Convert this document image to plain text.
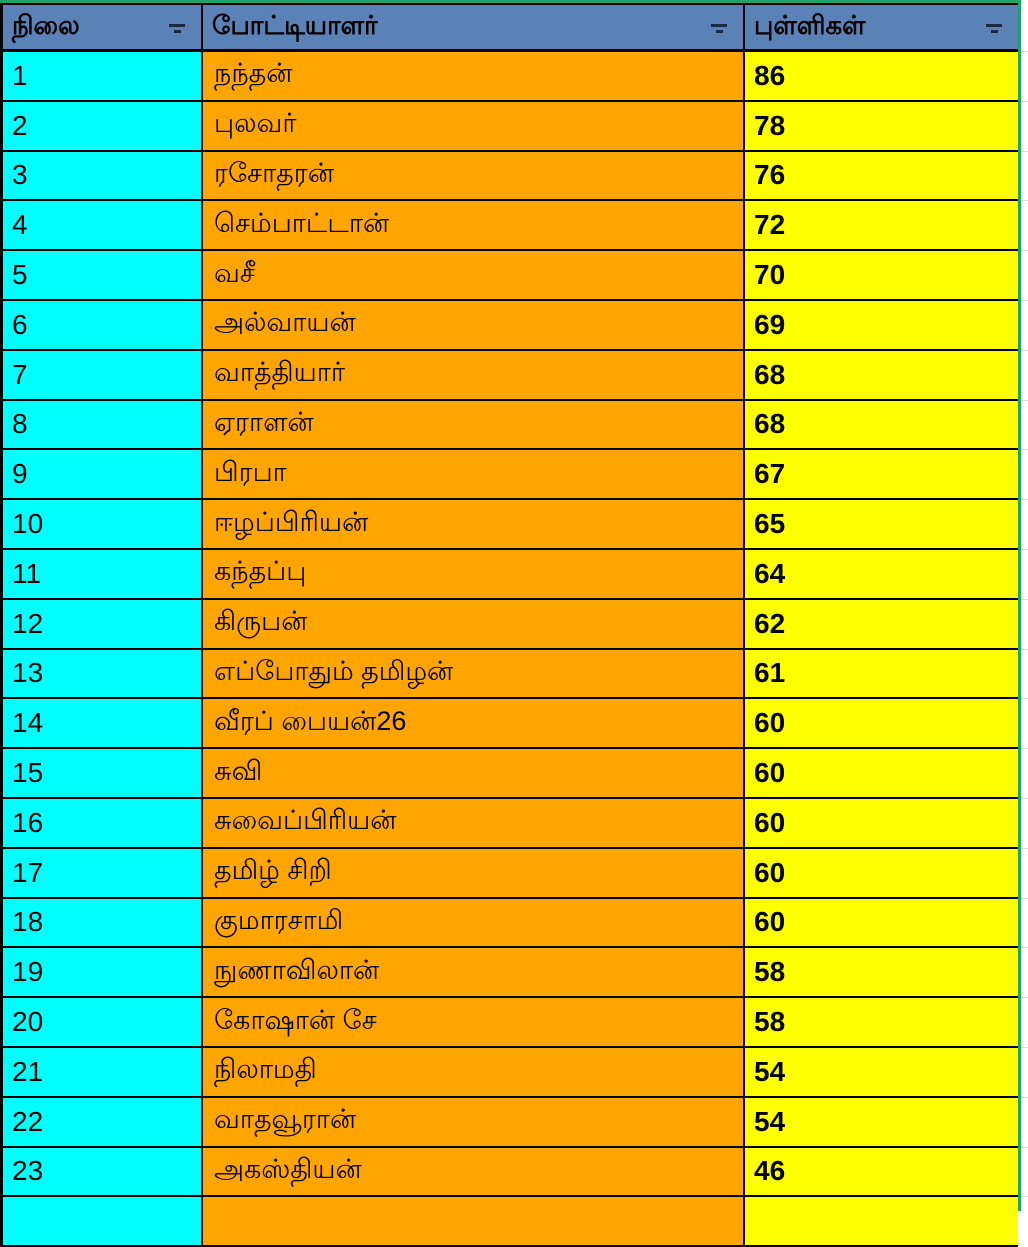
நிலை	போட்டியாளர்	புள்ளிகள்
1	நந்தன்	86
2	புலவர்	78
3	ரசோதரன்	76
4	செம்பாட்டான்	72
5	வசீ	70
6	அல்வாயன்	69
7	வாத்தியார்	68
8	ஏராளன்	68
9	பிரபா	67
10	ஈழப்பிரியன்	65
11	கந்தப்பு	64
12	கிருபன்	62
13	எப்போதும் தமிழன்	61
14	வீரப் பையன்26	60
15	சுவி	60
16	சுவைப்பிரியன்	60
17	தமிழ் சிறி	60
18	குமாரசாமி	60
19	நுணாவிலான்	58
20	கோஷான் சே	58
21	நிலாமதி	54
22	வாதவூரான்	54
23	அகஸ்தியன்	46
